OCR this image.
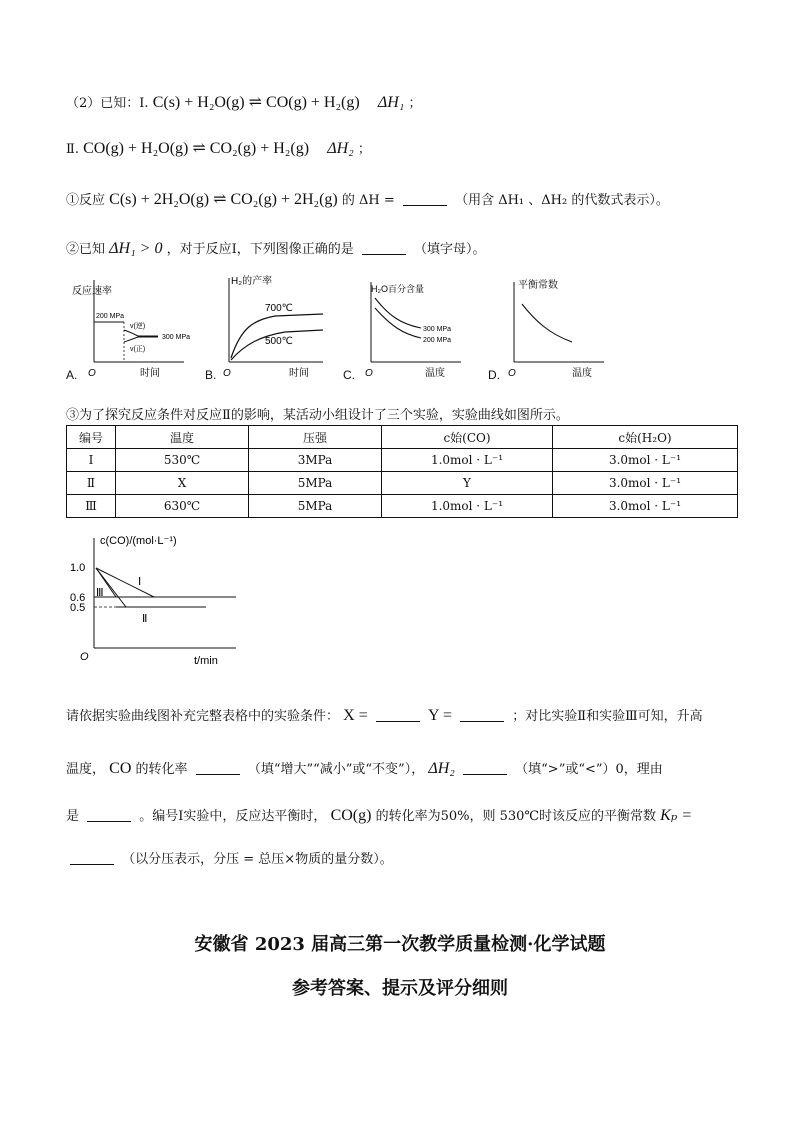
（2）已知：Ⅰ. C(s) + H₂O(g) ⇌ CO(g) + H₂(g) ΔH₁ ；
Ⅱ. CO(g) + H₂O(g) ⇌ CO₂(g) + H₂(g) ΔH₂ ；
①反应 C(s) + 2H₂O(g) ⇌ CO₂(g) + 2H₂(g) 的 ΔH =	（用含 ΔH₁ 、ΔH₂ 的代数式表示）。
②已知 ΔH₁ > 0 ，对于反应Ⅰ，下列图像正确的是	（填字母）。
反应速率
O	时间
200 MPa
v(逆)
v(正)
300 MPa
A.
H₂的产率
O	时间
700℃
500℃
B.
H₂O百分含量
O	温度
300 MPa
200 MPa
C.
平衡常数
O	温度
D.
③为了探究反应条件对反应Ⅱ的影响，某活动小组设计了三个实验，实验曲线如图所示。
编号	温度	压强	c始(CO)	c始(H₂O)
Ⅰ	530℃	3MPa	1.0mol · L⁻¹	3.0mol · L⁻¹
Ⅱ	X	5MPa	Y	3.0mol · L⁻¹
Ⅲ	630℃	5MPa	1.0mol · L⁻¹	3.0mol · L⁻¹
c(CO)/(mol·L⁻¹)
O	t/min
1.0
0.6
0.5
Ⅰ
Ⅱ
Ⅲ
请依据实验曲线图补充完整表格中的实验条件： X =	Y =	；对比实验Ⅱ和实验Ⅲ可知，升高
温度， CO 的转化率	（填“增大”“减小”或“不变”）， ΔH₂	（填“>”或“<”）0，理由
是	。编号Ⅰ实验中，反应达平衡时， CO(g) 的转化率为50%，则 530℃时该反应的平衡常数 Kₚ =
（以分压表示，分压 = 总压×物质的量分数）。
安徽省 2023 届高三第一次教学质量检测·化学试题
参考答案、提示及评分细则
